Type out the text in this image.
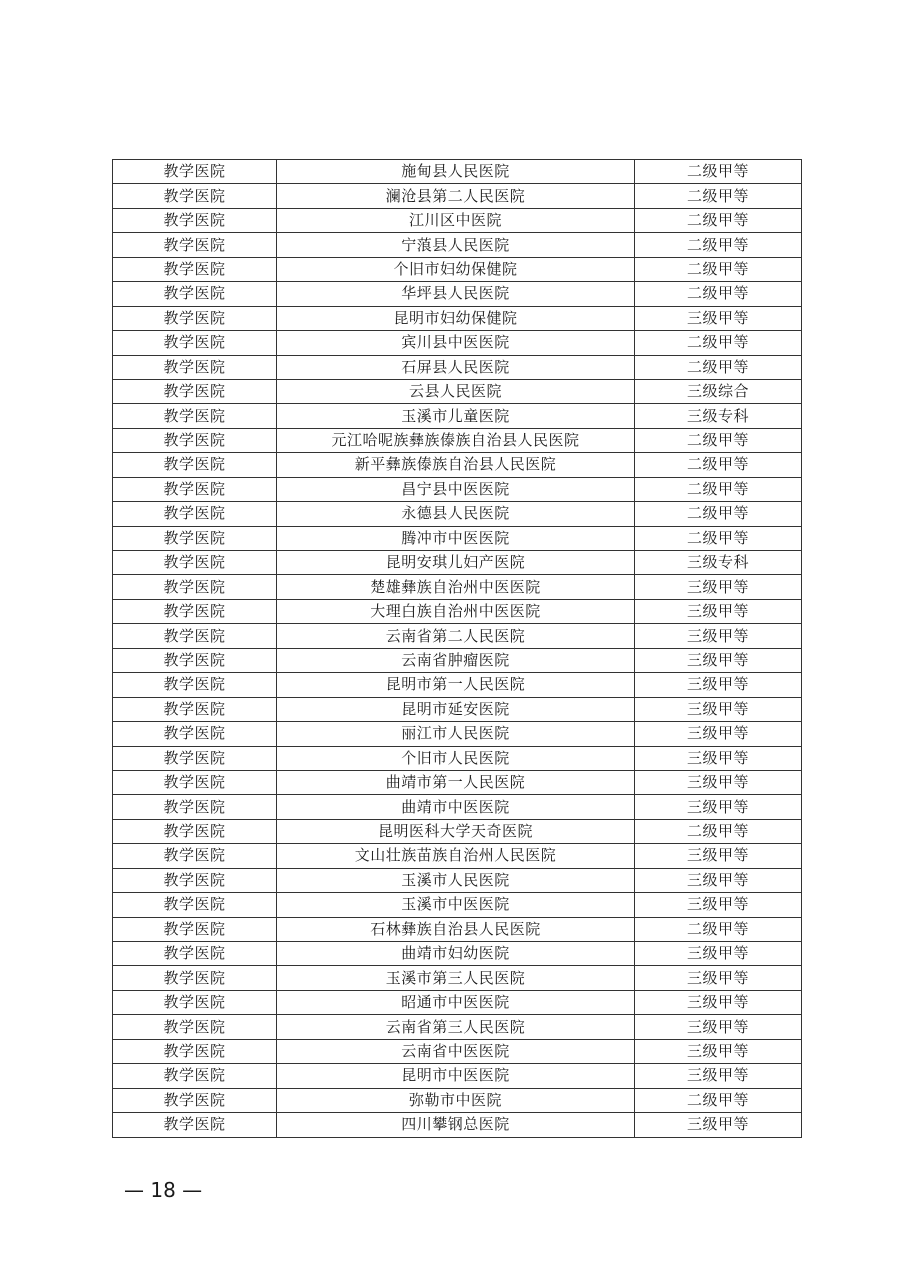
教学医院	施甸县人民医院	二级甲等
教学医院	澜沧县第二人民医院	二级甲等
教学医院	江川区中医院	二级甲等
教学医院	宁蒗县人民医院	二级甲等
教学医院	个旧市妇幼保健院	二级甲等
教学医院	华坪县人民医院	二级甲等
教学医院	昆明市妇幼保健院	三级甲等
教学医院	宾川县中医医院	二级甲等
教学医院	石屏县人民医院	二级甲等
教学医院	云县人民医院	三级综合
教学医院	玉溪市儿童医院	三级专科
教学医院	元江哈呢族彝族傣族自治县人民医院	二级甲等
教学医院	新平彝族傣族自治县人民医院	二级甲等
教学医院	昌宁县中医医院	二级甲等
教学医院	永德县人民医院	二级甲等
教学医院	腾冲市中医医院	二级甲等
教学医院	昆明安琪儿妇产医院	三级专科
教学医院	楚雄彝族自治州中医医院	三级甲等
教学医院	大理白族自治州中医医院	三级甲等
教学医院	云南省第二人民医院	三级甲等
教学医院	云南省肿瘤医院	三级甲等
教学医院	昆明市第一人民医院	三级甲等
教学医院	昆明市延安医院	三级甲等
教学医院	丽江市人民医院	三级甲等
教学医院	个旧市人民医院	三级甲等
教学医院	曲靖市第一人民医院	三级甲等
教学医院	曲靖市中医医院	三级甲等
教学医院	昆明医科大学天奇医院	二级甲等
教学医院	文山壮族苗族自治州人民医院	三级甲等
教学医院	玉溪市人民医院	三级甲等
教学医院	玉溪市中医医院	三级甲等
教学医院	石林彝族自治县人民医院	二级甲等
教学医院	曲靖市妇幼医院	三级甲等
教学医院	玉溪市第三人民医院	三级甲等
教学医院	昭通市中医医院	三级甲等
教学医院	云南省第三人民医院	三级甲等
教学医院	云南省中医医院	三级甲等
教学医院	昆明市中医医院	三级甲等
教学医院	弥勒市中医院	二级甲等
教学医院	四川攀钢总医院	三级甲等
— 18 —
